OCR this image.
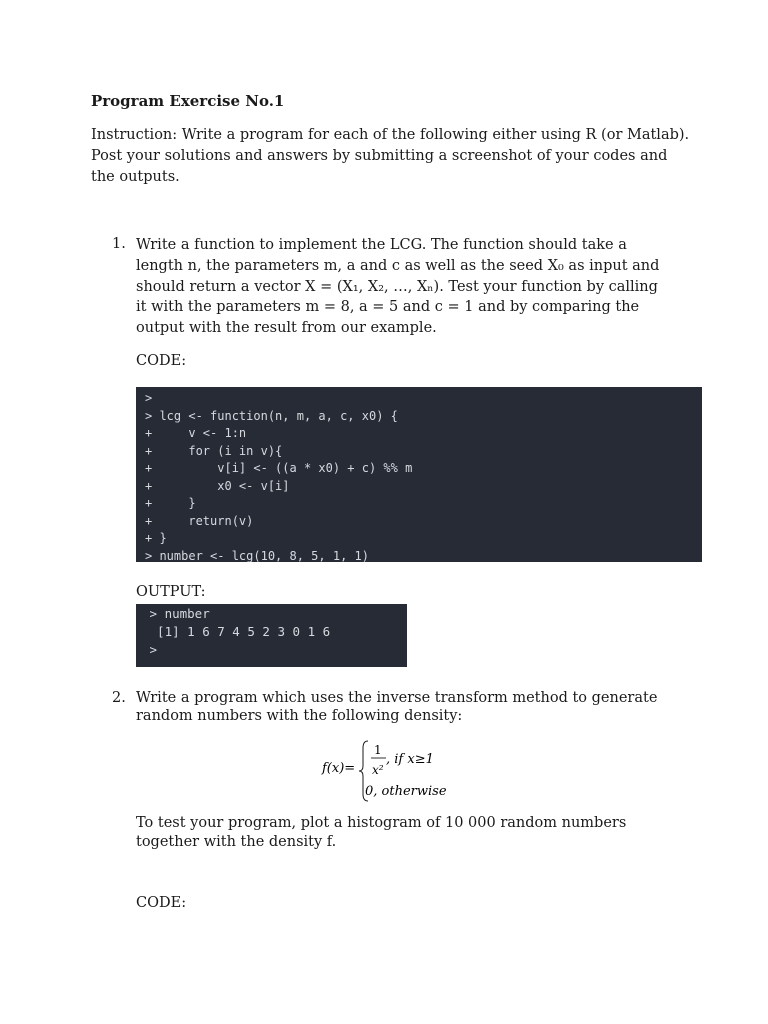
Program Exercise No.1
Instruction: Write a program for each of the following either using R (or Matlab). Post your solutions and answers by submitting a screenshot of your codes and the outputs.
1. Write a function to implement the LCG. The function should take a length n, the parameters m, a and c as well as the seed X₀ as input and should return a vector X = (X₁, X₂, …, Xₙ). Test your function by calling it with the parameters m = 8, a = 5 and c = 1 and by comparing the output with the result from our example.
CODE:
>
> lcg <- function(n, m, a, c, x0) {
+     v <- 1:n
+     for (i in v){
+         v[i] <- ((a * x0) + c) %% m
+         x0 <- v[i]
+     }
+     return(v)
+ }
> number <- lcg(10, 8, 5, 1, 1)
OUTPUT:
> number
[1] 1 6 7 4 5 2 3 0 1 6
>
2. Write a program which uses the inverse transform method to generate random numbers with the following density:
f(x)=
1
x²
, if x≥1
0, otherwise
To test your program, plot a histogram of 10 000 random numbers together with the density f.
CODE:
